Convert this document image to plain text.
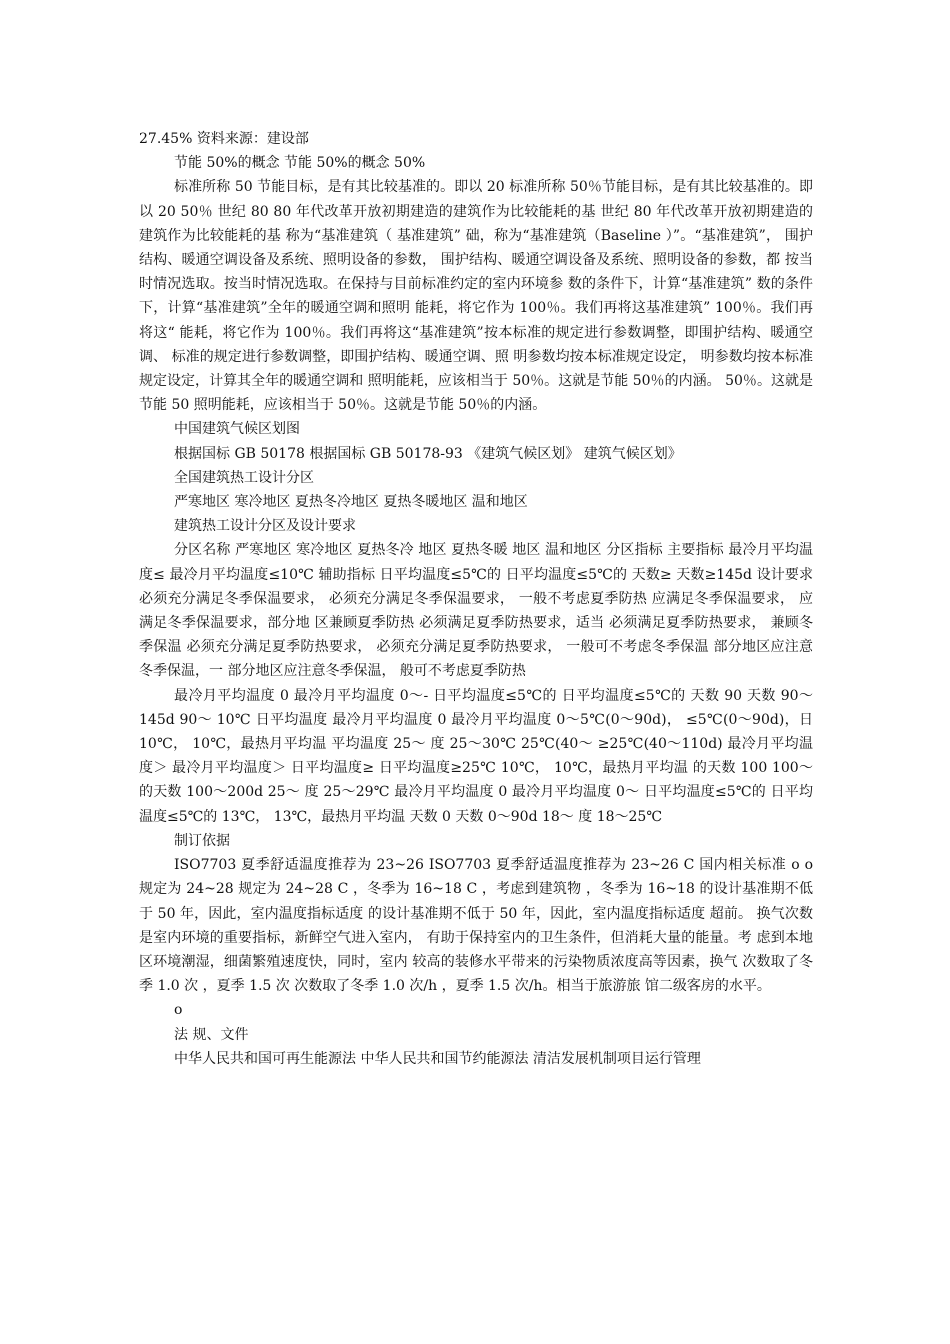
27.45% 资料来源：建设部

节能 50%的概念 节能 50%的概念 50%

标准所称 50 节能目标，是有其比较基准的。即以 20 标准所称 50％节能目标，是有其比较基准的。即以 20 50％ 世纪 80 80 年代改革开放初期建造的建筑作为比较能耗的基 世纪 80 年代改革开放初期建造的建筑作为比较能耗的基 称为“基准建筑（ 基准建筑” 础，称为“基准建筑（Baseline ）”。“基准建筑”， 围护结构、暖通空调设备及系统、照明设备的参数， 围护结构、暖通空调设备及系统、照明设备的参数，都 按当时情况选取。按当时情况选取。在保持与目前标准约定的室内环境参 数的条件下，计算“基准建筑” 数的条件下，计算“基准建筑”全年的暖通空调和照明 能耗，将它作为 100％。我们再将这基准建筑” 100％。我们再将这“ 能耗，将它作为 100％。我们再将这“基准建筑”按本标准的规定进行参数调整，即围护结构、暖通空调、 标准的规定进行参数调整，即围护结构、暖通空调、照 明参数均按本标准规定设定， 明参数均按本标准规定设定，计算其全年的暖通空调和 照明能耗，应该相当于 50％。这就是节能 50％的内涵。 50％。这就是节能 50 照明能耗，应该相当于 50％。这就是节能 50％的内涵。

中国建筑气候区划图

根据国标 GB 50178 根据国标 GB 50178-93 《建筑气候区划》 建筑气候区划》

全国建筑热工设计分区

严寒地区 寒冷地区 夏热冬冷地区 夏热冬暖地区 温和地区

建筑热工设计分区及设计要求

分区名称 严寒地区 寒冷地区 夏热冬冷 地区 夏热冬暖 地区 温和地区 分区指标 主要指标 最冷月平均温度≤ 最冷月平均温度≤10℃ 辅助指标 日平均温度≤5℃的 日平均温度≤5℃的 天数≥ 天数≥145d 设计要求 必须充分满足冬季保温要求， 必须充分满足冬季保温要求， 一般不考虑夏季防热 应满足冬季保温要求， 应满足冬季保温要求，部分地 区兼顾夏季防热 必须满足夏季防热要求，适当 必须满足夏季防热要求， 兼顾冬季保温 必须充分满足夏季防热要求， 必须充分满足夏季防热要求， 一般可不考虑冬季保温 部分地区应注意冬季保温，一 部分地区应注意冬季保温， 般可不考虑夏季防热

最冷月平均温度 0 最冷月平均温度 0～- 日平均温度≤5℃的 日平均温度≤5℃的 天数 90 天数 90～145d 90～ 10℃ 日平均温度 最冷月平均温度 0 最冷月平均温度 0～5℃(0～90d)， ≤5℃(0～90d)，日 10℃， 10℃，最热月平均温 平均温度 25～ 度 25～30℃ 25℃(40～ ≥25℃(40～110d) 最冷月平均温度＞ 最冷月平均温度＞ 日平均温度≥ 日平均温度≥25℃ 10℃， 10℃，最热月平均温 的天数 100 100～ 的天数 100～200d 25～ 度 25～29℃ 最冷月平均温度 0 最冷月平均温度 0～ 日平均温度≤5℃的 日平均温度≤5℃的 13℃， 13℃，最热月平均温 天数 0 天数 0～90d 18～ 度 18～25℃

制订依据

ISO7703 夏季舒适温度推荐为 23~26 ISO7703 夏季舒适温度推荐为 23~26 C 国内相关标准 o o 规定为 24~28 规定为 24~28 C ，冬季为 16~18 C ，考虑到建筑物 ，冬季为 16~18 的设计基准期不低于 50 年，因此，室内温度指标适度 的设计基准期不低于 50 年，因此，室内温度指标适度 超前。 换气次数是室内环境的重要指标，新鲜空气进入室内， 有助于保持室内的卫生条件，但消耗大量的能量。考 虑到本地区环境潮湿，细菌繁殖速度快，同时，室内 较高的装修水平带来的污染物质浓度高等因素，换气 次数取了冬季 1.0 次 ，夏季 1.5 次 次数取了冬季 1.0 次/h ，夏季 1.5 次/h。相当于旅游旅 馆二级客房的水平。

o

法 规、文件

中华人民共和国可再生能源法 中华人民共和国节约能源法 清洁发展机制项目运行管理
